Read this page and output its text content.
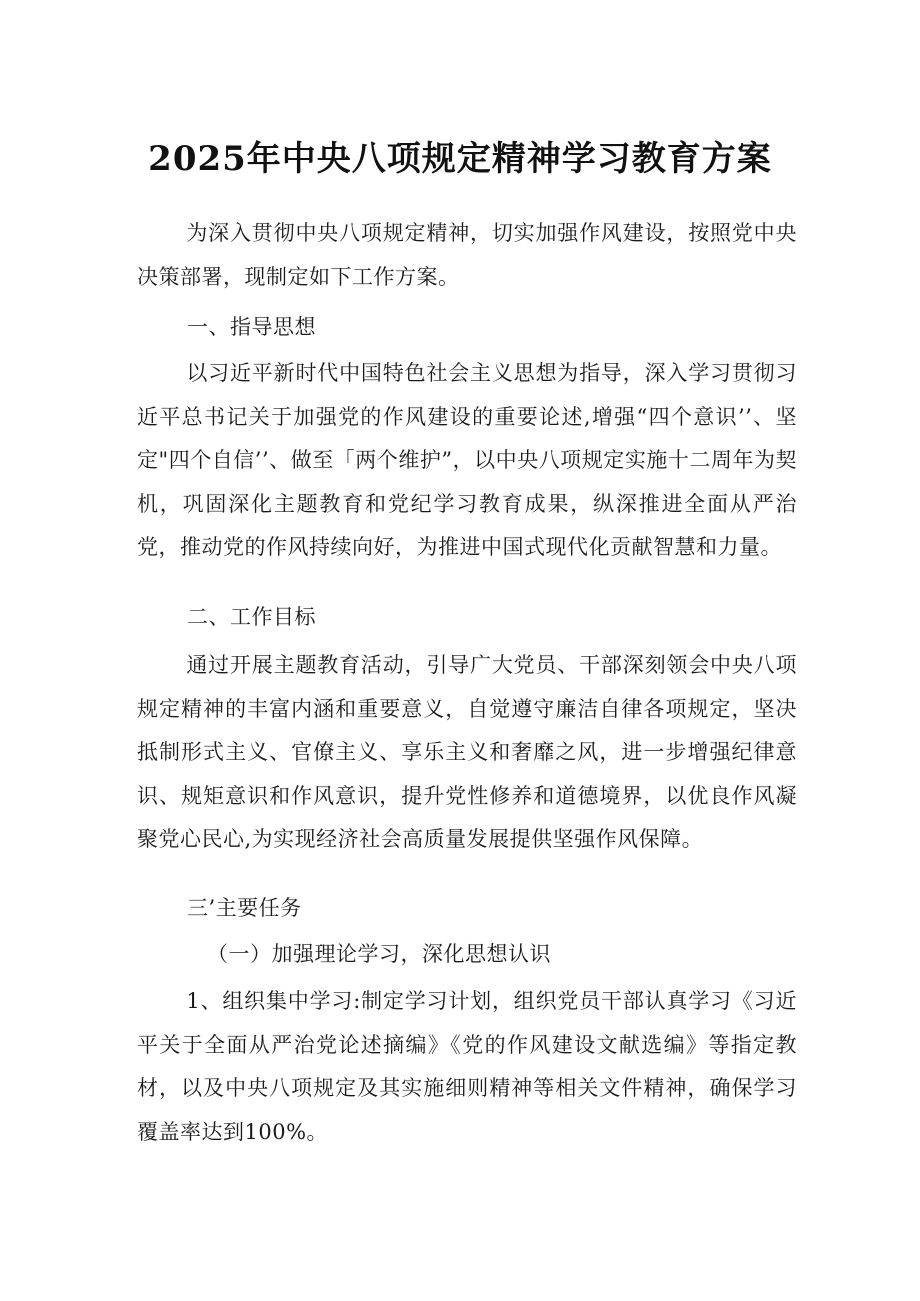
2025年中央八项规定精神学习教育方案

为深入贯彻中央八项规定精神，切实加强作风建设，按照党中央决策部署，现制定如下工作方案。

一、指导思想

以习近平新时代中国特色社会主义思想为指导，深入学习贯彻习近平总书记关于加强党的作风建设的重要论述,增强“四个意识’’、坚定"四个自信’’、做至「两个维护”，以中央八项规定实施十二周年为契机，巩固深化主题教育和党纪学习教育成果，纵深推进全面从严治党，推动党的作风持续向好，为推进中国式现代化贡献智慧和力量。

二、工作目标

通过开展主题教育活动，引导广大党员、干部深刻领会中央八项规定精神的丰富内涵和重要意义，自觉遵守廉洁自律各项规定，坚决抵制形式主义、官僚主义、享乐主义和奢靡之风，进一步增强纪律意识、规矩意识和作风意识，提升党性修养和道德境界，以优良作风凝聚党心民心,为实现经济社会高质量发展提供坚强作风保障。

三’主要任务

（一）加强理论学习，深化思想认识

1、组织集中学习:制定学习计划，组织党员干部认真学习《习近平关于全面从严治党论述摘编》《党的作风建设文献选编》等指定教材，以及中央八项规定及其实施细则精神等相关文件精神，确保学习覆盖率达到100%。
